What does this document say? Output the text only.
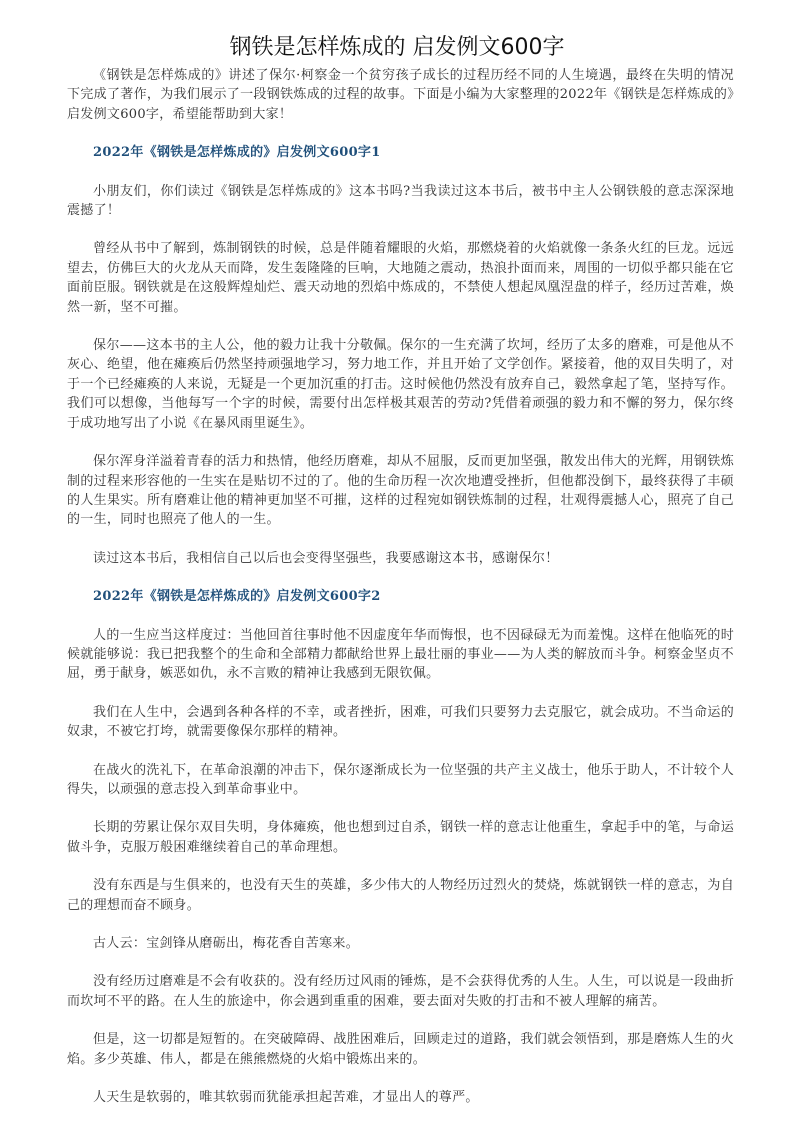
钢铁是怎样炼成的 启发例文600字

《钢铁是怎样炼成的》讲述了保尔·柯察金一个贫穷孩子成长的过程历经不同的人生境遇，最终在失明的情况下完成了著作，为我们展示了一段钢铁炼成的过程的故事。下面是小编为大家整理的2022年《钢铁是怎样炼成的》启发例文600字，希望能帮助到大家！

2022年《钢铁是怎样炼成的》启发例文600字1

小朋友们，你们读过《钢铁是怎样炼成的》这本书吗?当我读过这本书后，被书中主人公钢铁般的意志深深地震撼了！

曾经从书中了解到，炼制钢铁的时候，总是伴随着耀眼的火焰，那燃烧着的火焰就像一条条火红的巨龙。远远望去，仿佛巨大的火龙从天而降，发生轰隆隆的巨响，大地随之震动，热浪扑面而来，周围的一切似乎都只能在它面前臣服。钢铁就是在这般辉煌灿烂、震天动地的烈焰中炼成的，不禁使人想起凤凰涅盘的样子，经历过苦难，焕然一新，坚不可摧。

保尔——这本书的主人公，他的毅力让我十分敬佩。保尔的一生充满了坎坷，经历了太多的磨难，可是他从不灰心、绝望，他在瘫痪后仍然坚持顽强地学习，努力地工作，并且开始了文学创作。紧接着，他的双目失明了，对于一个已经瘫痪的人来说，无疑是一个更加沉重的打击。这时候他仍然没有放弃自己，毅然拿起了笔，坚持写作。我们可以想像，当他每写一个字的时候，需要付出怎样极其艰苦的劳动?凭借着顽强的毅力和不懈的努力，保尔终于成功地写出了小说《在暴风雨里诞生》。

保尔浑身洋溢着青春的活力和热情，他经历磨难，却从不屈服，反而更加坚强，散发出伟大的光辉，用钢铁炼制的过程来形容他的一生实在是贴切不过的了。他的生命历程一次次地遭受挫折，但他都没倒下，最终获得了丰硕的人生果实。所有磨难让他的精神更加坚不可摧，这样的过程宛如钢铁炼制的过程，壮观得震撼人心，照亮了自己的一生，同时也照亮了他人的一生。

读过这本书后，我相信自己以后也会变得坚强些，我要感谢这本书，感谢保尔！

2022年《钢铁是怎样炼成的》启发例文600字2

人的一生应当这样度过：当他回首往事时他不因虚度年华而悔恨，也不因碌碌无为而羞愧。这样在他临死的时候就能够说：我已把我整个的生命和全部精力都献给世界上最壮丽的事业——为人类的解放而斗争。柯察金坚贞不屈，勇于献身，嫉恶如仇，永不言败的精神让我感到无限钦佩。

我们在人生中，会遇到各种各样的不幸，或者挫折，困难，可我们只要努力去克服它，就会成功。不当命运的奴隶，不被它打垮，就需要像保尔那样的精神。

在战火的洗礼下，在革命浪潮的冲击下，保尔逐渐成长为一位坚强的共产主义战士，他乐于助人，不计较个人得失，以顽强的意志投入到革命事业中。

长期的劳累让保尔双目失明，身体瘫痪，他也想到过自杀，钢铁一样的意志让他重生，拿起手中的笔，与命运做斗争，克服万般困难继续着自己的革命理想。

没有东西是与生俱来的，也没有天生的英雄，多少伟大的人物经历过烈火的焚烧，炼就钢铁一样的意志，为自己的理想而奋不顾身。

古人云：宝剑锋从磨砺出，梅花香自苦寒来。

没有经历过磨难是不会有收获的。没有经历过风雨的锤炼，是不会获得优秀的人生。人生，可以说是一段曲折而坎坷不平的路。在人生的旅途中，你会遇到重重的困难，要去面对失败的打击和不被人理解的痛苦。

但是，这一切都是短暂的。在突破障碍、战胜困难后，回顾走过的道路，我们就会领悟到，那是磨炼人生的火焰。多少英雄、伟人，都是在熊熊燃烧的火焰中锻炼出来的。

人天生是软弱的，唯其软弱而犹能承担起苦难，才显出人的尊严。
